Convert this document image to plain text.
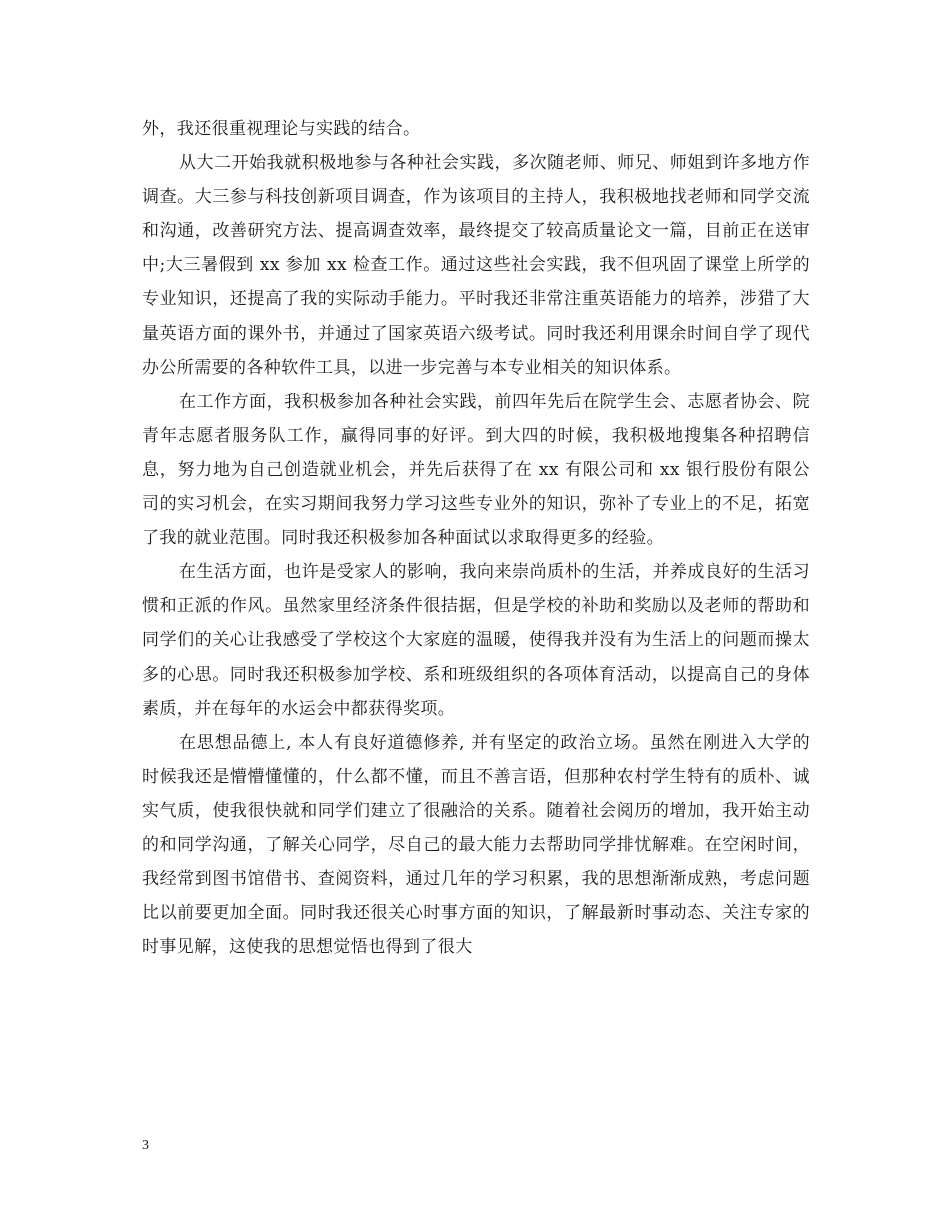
外，我还很重视理论与实践的结合。

从大二开始我就积极地参与各种社会实践，多次随老师、师兄、师姐到许多地方作调查。大三参与科技创新项目调查，作为该项目的主持人，我积极地找老师和同学交流和沟通，改善研究方法、提高调查效率，最终提交了较高质量论文一篇，目前正在送审中;大三暑假到 xx 参加 xx 检查工作。通过这些社会实践，我不但巩固了课堂上所学的专业知识，还提高了我的实际动手能力。平时我还非常注重英语能力的培养，涉猎了大量英语方面的课外书，并通过了国家英语六级考试。同时我还利用课余时间自学了现代办公所需要的各种软件工具，以进一步完善与本专业相关的知识体系。

在工作方面，我积极参加各种社会实践，前四年先后在院学生会、志愿者协会、院青年志愿者服务队工作，赢得同事的好评。到大四的时候，我积极地搜集各种招聘信息，努力地为自己创造就业机会，并先后获得了在 xx 有限公司和 xx 银行股份有限公司的实习机会，在实习期间我努力学习这些专业外的知识，弥补了专业上的不足，拓宽了我的就业范围。同时我还积极参加各种面试以求取得更多的经验。

在生活方面，也许是受家人的影响，我向来崇尚质朴的生活，并养成良好的生活习惯和正派的作风。虽然家里经济条件很拮据，但是学校的补助和奖励以及老师的帮助和同学们的关心让我感受了学校这个大家庭的温暖，使得我并没有为生活上的问题而操太多的心思。同时我还积极参加学校、系和班级组织的各项体育活动，以提高自己的身体素质，并在每年的水运会中都获得奖项。

在思想品德上, 本人有良好道德修养, 并有坚定的政治立场。虽然在刚进入大学的时候我还是懵懵懂懂的，什么都不懂，而且不善言语，但那种农村学生特有的质朴、诚实气质，使我很快就和同学们建立了很融洽的关系。随着社会阅历的增加，我开始主动的和同学沟通，了解关心同学，尽自己的最大能力去帮助同学排忧解难。在空闲时间，我经常到图书馆借书、查阅资料，通过几年的学习积累，我的思想渐渐成熟，考虑问题比以前要更加全面。同时我还很关心时事方面的知识，了解最新时事动态、关注专家的时事见解，这使我的思想觉悟也得到了很大

3
